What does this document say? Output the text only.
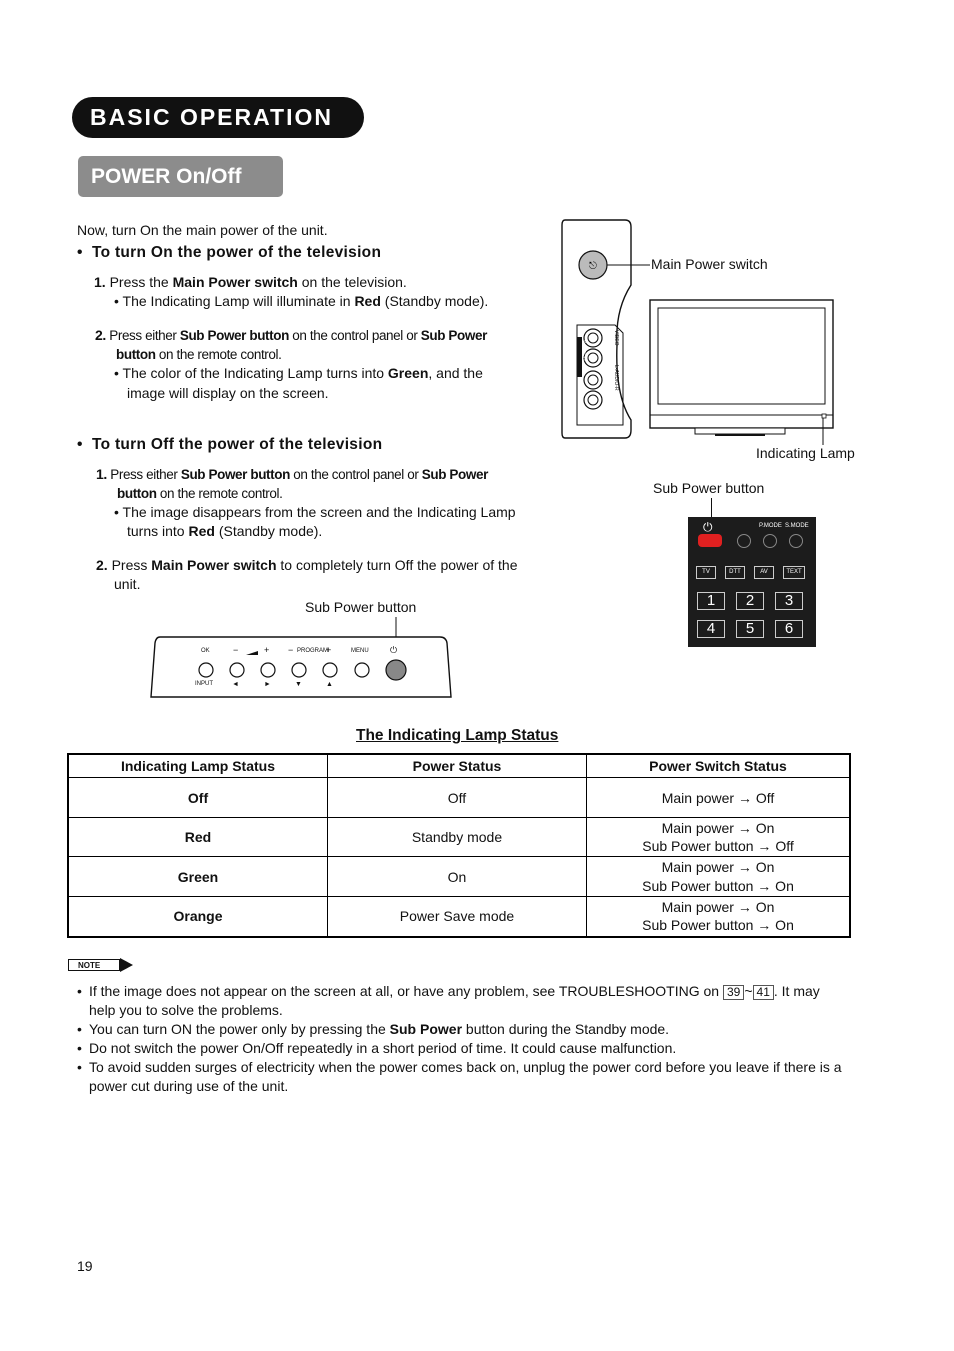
BASIC OPERATION
POWER On/Off
Now, turn On the main power of the unit.
• To turn On the power of the television
1. Press the Main Power switch on the television.
• The Indicating Lamp will illuminate in Red (Standby mode).
2. Press either Sub Power button on the control panel or Sub Power
button on the remote control.
• The color of the Indicating Lamp turns into Green, and the
image will display on the screen.
• To turn Off the power of the television
1. Press either Sub Power button on the control panel or Sub Power
button on the remote control.
• The image disappears from the screen and the Indicating Lamp
turns into Red (Standby mode).
2. Press Main Power switch to completely turn Off the power of the
unit.
⎋	Main Power switch
Indicating Lamp
VIDEO
L-AUDIO-R
S-VIDEO
Sub Power button
⏻	P.MODE S.MODE
TV	DTT	AV	TEXT
1	2	3
4	5	6
Sub Power button
OK	−	+ − PROGRAM
+	MENU ⏻
INPUT	◄	►	▼	▲
The Indicating Lamp Status
Indicating Lamp Status	Power Status	Power Switch Status
Off	Off	Main power → Off

Red	Standby mode	Main power → On
Sub Power button → Off

Green	On	Main power → On
Sub Power button → On

Orange	Power Save mode	Main power → On
Sub Power button → On
NOTE
• If the image does not appear on the screen at all, or have any problem, see TROUBLESHOOTING on 39 ~ 41 . It may
help you to solve the problems.
• You can turn ON the power only by pressing the Sub Power button during the Standby mode.
• Do not switch the power On/Off repeatedly in a short period of time. It could cause malfunction.
• To avoid sudden surges of electricity when the power comes back on, unplug the power cord before you leave if there is a
power cut during use of the unit.
19
